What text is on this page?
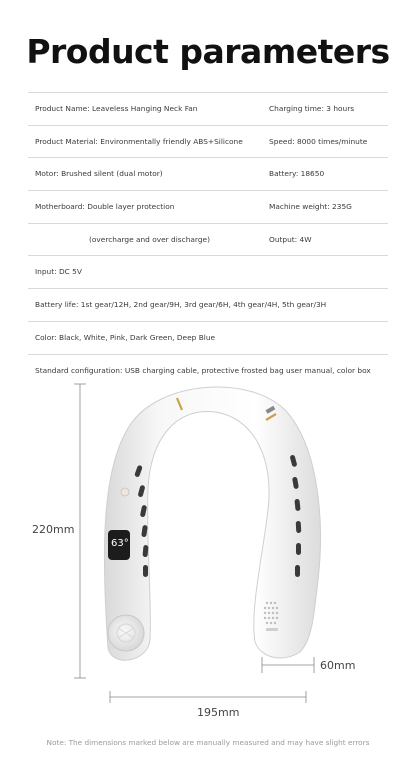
Product parameters
Product Name: Leaveless Hanging Neck Fan	Charging time: 3 hours
Product Material: Environmentally friendly ABS+Silicone	Speed: 8000 times/minute
Motor: Brushed silent (dual motor)	Battery: 18650
Motherboard: Double layer protection	Machine weight: 235G
(overcharge and over discharge)	Output: 4W
Input: DC 5V
Battery life: 1st gear/12H, 2nd gear/9H, 3rd gear/6H, 4th gear/4H, 5th gear/3H
Color: Black, White, Pink, Dark Green, Deep Blue
Standard configuration: USB charging cable, protective frosted bag user manual, color box
63°
220mm
195mm
60mm
Note: The dimensions marked below are manually measured and may have slight errors
